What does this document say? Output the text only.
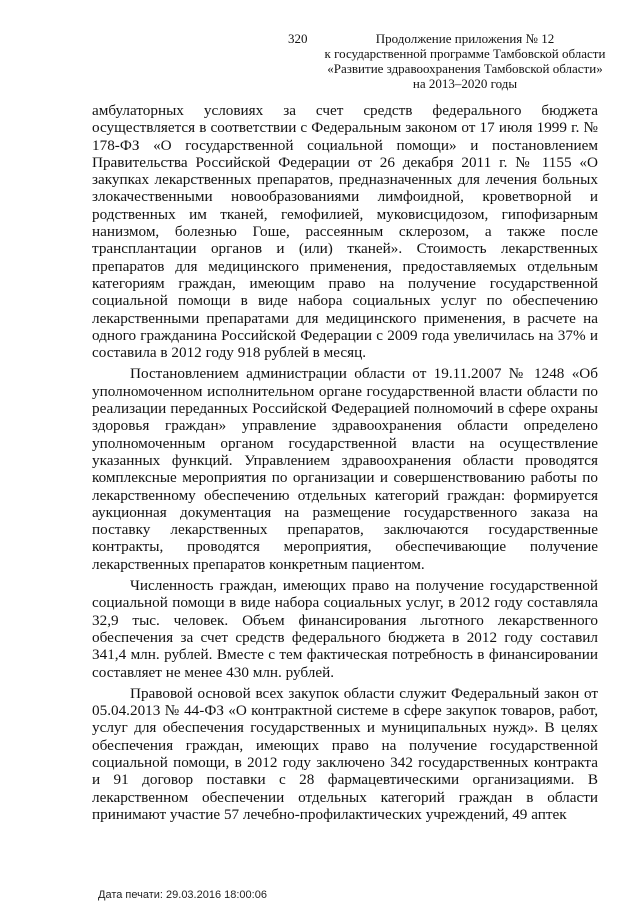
320	Продолжение приложения № 12
к государственной программе Тамбовской области
«Развитие здравоохранения Тамбовской области»
на 2013–2020 годы

амбулаторных условиях за счет средств федерального бюджета осуществляется в соответствии с Федеральным законом от 17 июля 1999 г. № 178-ФЗ «О государственной социальной помощи» и постановлением Правительства Российской Федерации от 26 декабря 2011 г. № 1155 «О закупках лекарственных препаратов, предназначенных для лечения больных злокачественными новообразованиями лимфоидной, кроветворной и родственных им тканей, гемофилией, муковисцидозом, гипофизарным нанизмом, болезнью Гоше, рассеянным склерозом, а также после трансплантации органов и (или) тканей». Стоимость лекарственных препаратов для медицинского применения, предоставляемых отдельным категориям граждан, имеющим право на получение государственной социальной помощи в виде набора социальных услуг по обеспечению лекарственными препаратами для медицинского применения, в расчете на одного гражданина Российской Федерации с 2009 года увеличилась на 37% и составила в 2012 году 918 рублей в месяц.

Постановлением администрации области от 19.11.2007 № 1248 «Об уполномоченном исполнительном органе государственной власти области по реализации переданных Российской Федерацией полномочий в сфере охраны здоровья граждан» управление здравоохранения области определено уполномоченным органом государственной власти на осуществление указанных функций. Управлением здравоохранения области проводятся комплексные мероприятия по организации и совершенствованию работы по лекарственному обеспечению отдельных категорий граждан: формируется аукционная документация на размещение государственного заказа на поставку лекарственных препаратов, заключаются государственные контракты, проводятся мероприятия, обеспечивающие получение лекарственных препаратов конкретным пациентом.

Численность граждан, имеющих право на получение государственной социальной помощи в виде набора социальных услуг, в 2012 году составляла 32,9 тыс. человек. Объем финансирования льготного лекарственного обеспечения за счет средств федерального бюджета в 2012 году составил 341,4 млн. рублей. Вместе с тем фактическая потребность в финансировании составляет не менее 430 млн. рублей.

Правовой основой всех закупок области служит Федеральный закон от 05.04.2013 № 44-ФЗ «О контрактной системе в сфере закупок товаров, работ, услуг для обеспечения государственных и муниципальных нужд». В целях обеспечения граждан, имеющих право на получение государственной социальной помощи, в 2012 году заключено 342 государственных контракта и 91 договор поставки с 28 фармацевтическими организациями. В лекарственном обеспечении отдельных категорий граждан в области принимают участие 57 лечебно-профилактических учреждений, 49 аптек

Дата печати: 29.03.2016 18:00:06
